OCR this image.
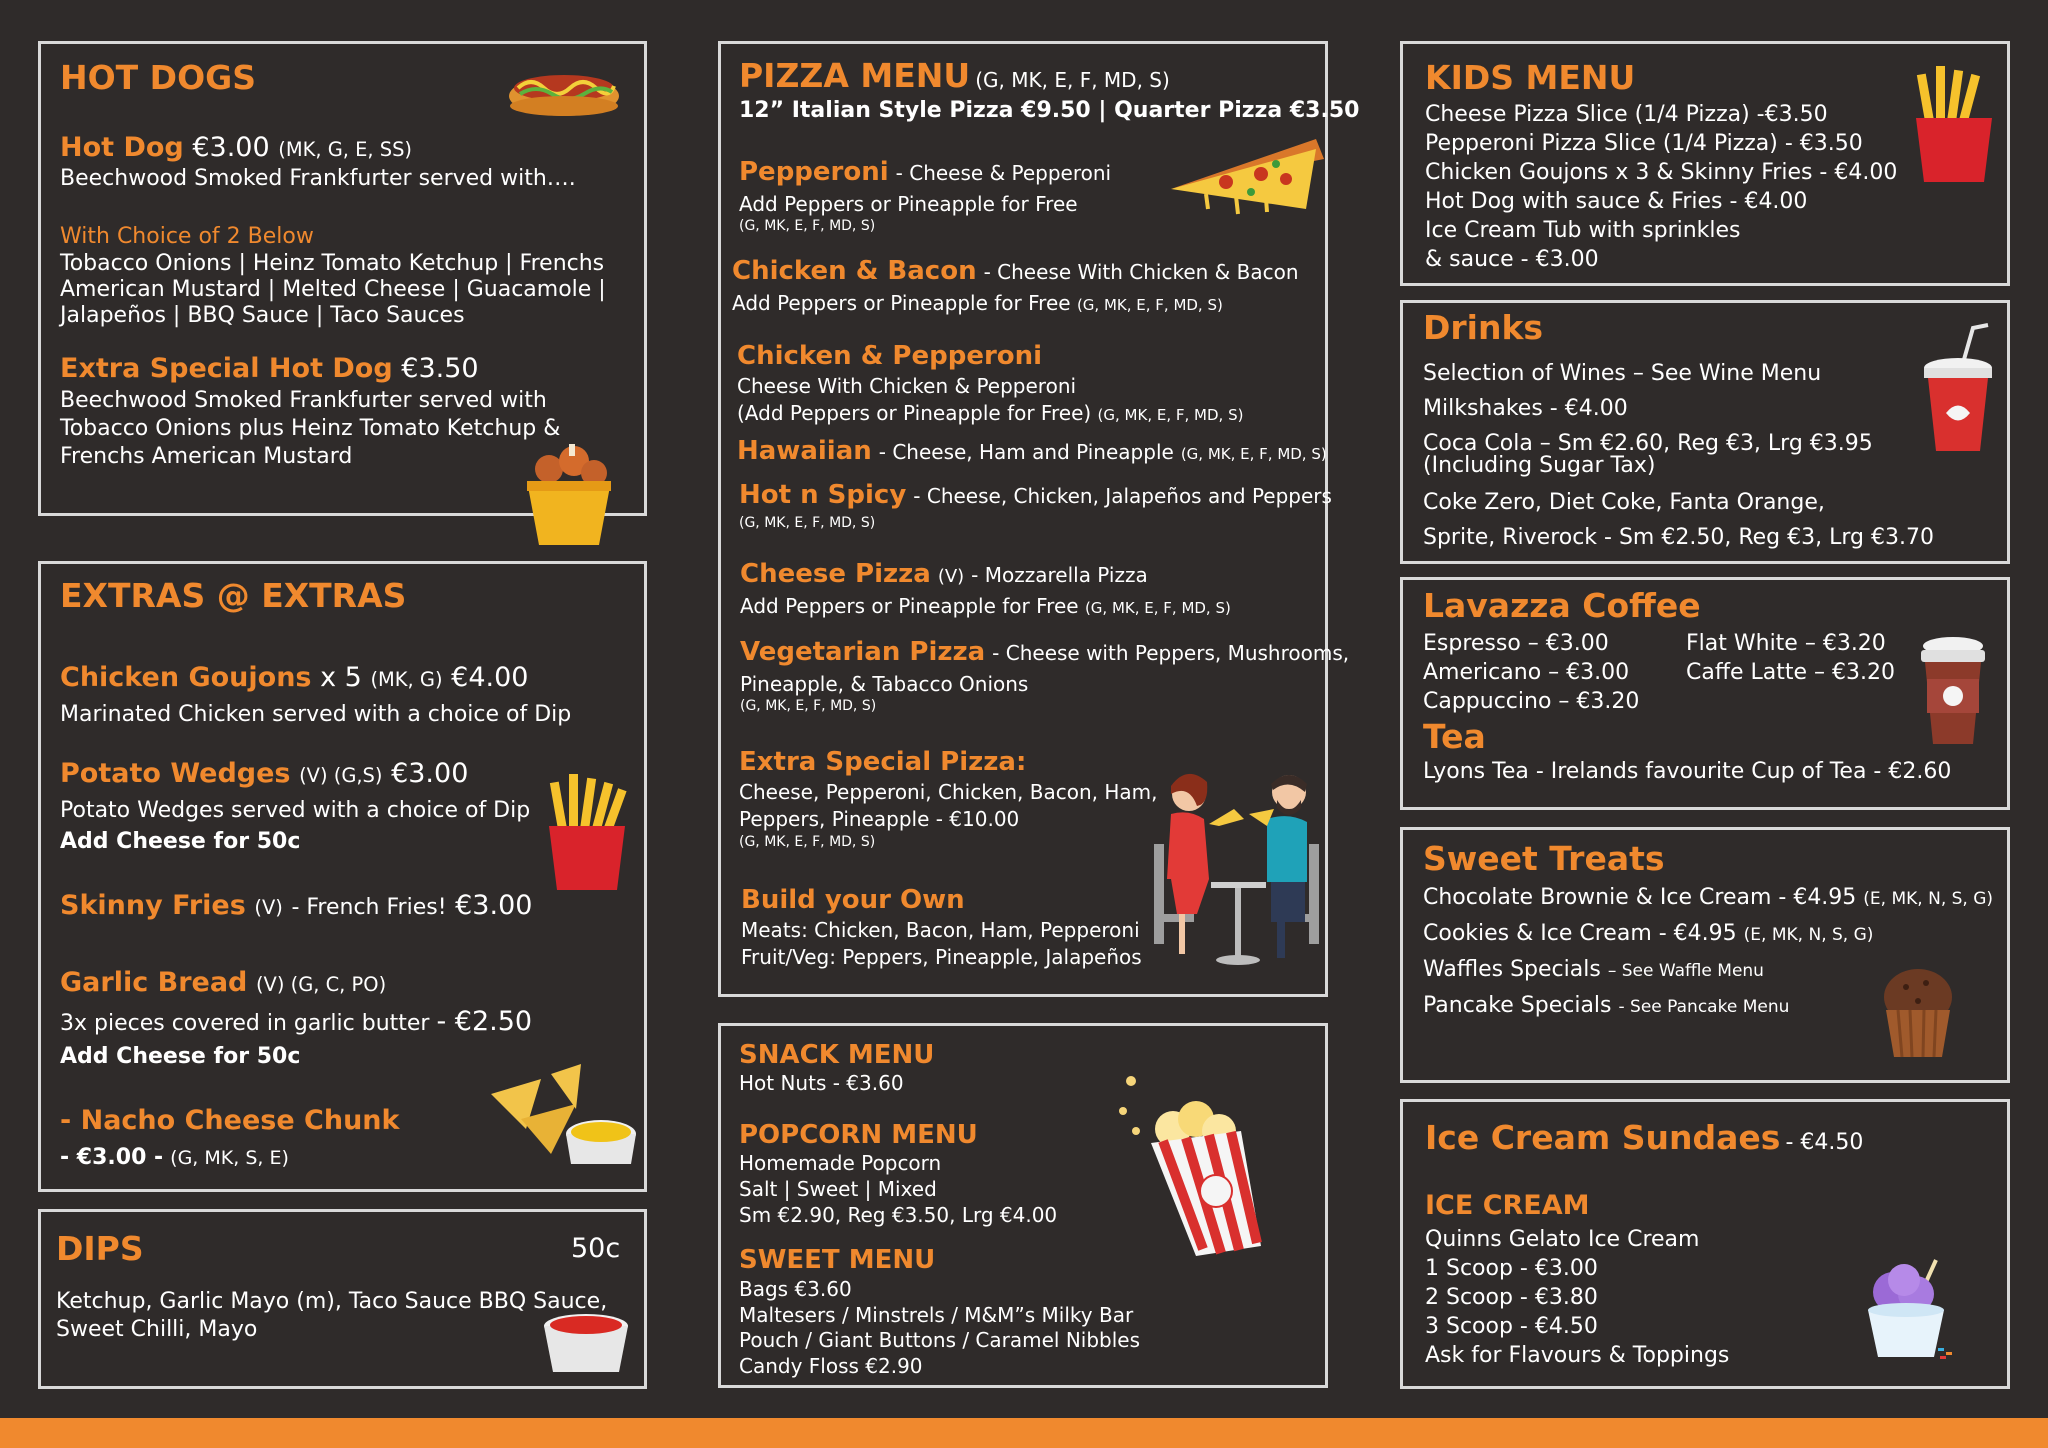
HOT DOGS
Hot Dog €3.00 (MK, G, E, SS)
Beechwood Smoked Frankfurter served with….
With Choice of 2 Below
Tobacco Onions | Heinz Tomato Ketchup | Frenchs
American Mustard | Melted Cheese | Guacamole |
Jalapeños | BBQ Sauce | Taco Sauces
Extra Special Hot Dog €3.50
Beechwood Smoked Frankfurter served with
Tobacco Onions plus Heinz Tomato Ketchup &
Frenchs American Mustard
EXTRAS @ EXTRAS
Chicken Goujons x 5 (MK, G) €4.00
Marinated Chicken served with a choice of Dip
Potato Wedges (V) (G,S) €3.00
Potato Wedges served with a choice of Dip
Add Cheese for 50c
Skinny Fries (V) - French Fries! €3.00
Garlic Bread (V) (G, C, PO)
3x pieces covered in garlic butter - €2.50
Add Cheese for 50c
- Nacho Cheese Chunk
- €3.00 - (G, MK, S, E)
DIPS	50c
Ketchup, Garlic Mayo (m), Taco Sauce BBQ Sauce,
Sweet Chilli, Mayo
PIZZA MENU (G, MK, E, F, MD, S)
12” Italian Style Pizza €9.50 | Quarter Pizza €3.50
Pepperoni - Cheese & Pepperoni
Add Peppers or Pineapple for Free
(G, MK, E, F, MD, S)
Chicken & Bacon - Cheese With Chicken & Bacon
Add Peppers or Pineapple for Free (G, MK, E, F, MD, S)
Chicken & Pepperoni
Cheese With Chicken & Pepperoni
(Add Peppers or Pineapple for Free) (G, MK, E, F, MD, S)
Hawaiian - Cheese, Ham and Pineapple (G, MK, E, F, MD, S)
Hot n Spicy - Cheese, Chicken, Jalapeños and Peppers
(G, MK, E, F, MD, S)
Cheese Pizza (V) - Mozzarella Pizza
Add Peppers or Pineapple for Free (G, MK, E, F, MD, S)
Vegetarian Pizza - Cheese with Peppers, Mushrooms,
Pineapple, & Tabacco Onions
(G, MK, E, F, MD, S)
Extra Special Pizza:
Cheese, Pepperoni, Chicken, Bacon, Ham,
Peppers, Pineapple - €10.00
(G, MK, E, F, MD, S)
Build your Own
Meats: Chicken, Bacon, Ham, Pepperoni
Fruit/Veg: Peppers, Pineapple, Jalapeños
SNACK MENU
Hot Nuts - €3.60
POPCORN MENU
Homemade Popcorn
Salt | Sweet | Mixed
Sm €2.90, Reg €3.50, Lrg €4.00
SWEET MENU
Bags €3.60
Maltesers / Minstrels / M&M”s Milky Bar
Pouch / Giant Buttons / Caramel Nibbles
Candy Floss €2.90
KIDS MENU
Cheese Pizza Slice (1/4 Pizza) -€3.50
Pepperoni Pizza Slice (1/4 Pizza) - €3.50
Chicken Goujons x 3 & Skinny Fries - €4.00
Hot Dog with sauce & Fries - €4.00
Ice Cream Tub with sprinkles
& sauce - €3.00
Drinks
Selection of Wines – See Wine Menu
Milkshakes - €4.00
Coca Cola – Sm €2.60, Reg €3, Lrg €3.95
(Including Sugar Tax)
Coke Zero, Diet Coke, Fanta Orange,
Sprite, Riverock - Sm €2.50, Reg €3, Lrg €3.70
Lavazza Coffee
Espresso – €3.00
Americano – €3.00
Cappuccino – €3.20
Flat White – €3.20
Caffe Latte – €3.20
Tea
Lyons Tea - Irelands favourite Cup of Tea - €2.60
Sweet Treats
Chocolate Brownie & Ice Cream - €4.95 (E, MK, N, S, G)
Cookies & Ice Cream - €4.95 (E, MK, N, S, G)
Waffles Specials – See Waffle Menu
Pancake Specials - See Pancake Menu
Ice Cream Sundaes - €4.50
ICE CREAM
Quinns Gelato Ice Cream
1 Scoop - €3.00
2 Scoop - €3.80
3 Scoop - €4.50
Ask for Flavours & Toppings
